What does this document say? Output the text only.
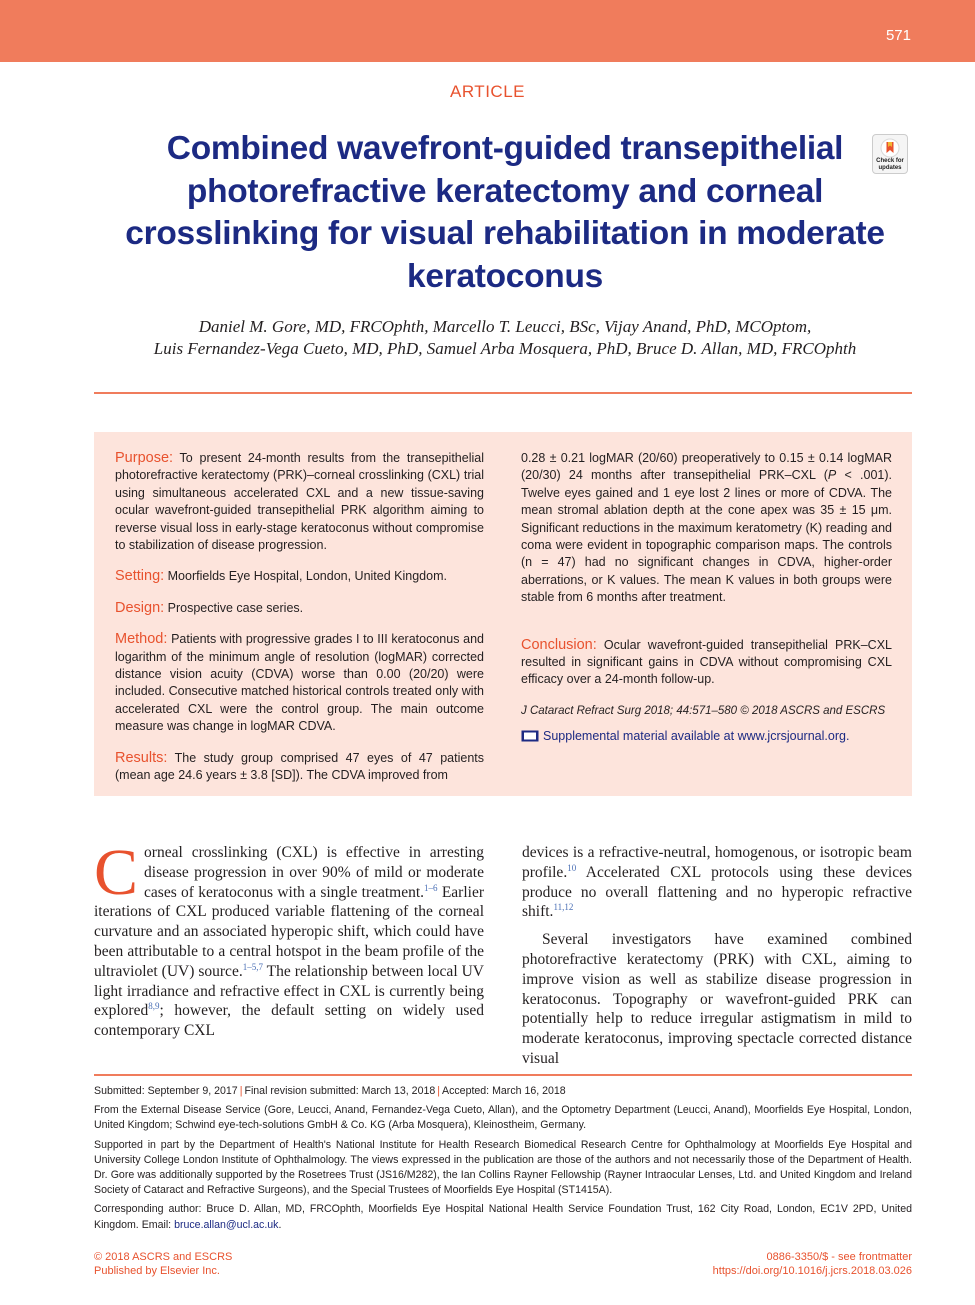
571
ARTICLE
Combined wavefront-guided transepithelial photorefractive keratectomy and corneal crosslinking for visual rehabilitation in moderate keratoconus
Check for
updates
Daniel M. Gore, MD, FRCOphth, Marcello T. Leucci, BSc, Vijay Anand, PhD, MCOptom,
Luis Fernandez-Vega Cueto, MD, PhD, Samuel Arba Mosquera, PhD, Bruce D. Allan, MD, FRCOphth

Purpose: To present 24-month results from the transepithelial photorefractive keratectomy (PRK)–corneal crosslinking (CXL) trial using simultaneous accelerated CXL and a new tissue-saving ocular wavefront-guided transepithelial PRK algorithm aiming to reverse visual loss in early-stage keratoconus without compromise to stabilization of disease progression.

Setting: Moorfields Eye Hospital, London, United Kingdom.

Design: Prospective case series.

Method: Patients with progressive grades I to III keratoconus and logarithm of the minimum angle of resolution (logMAR) corrected distance vision acuity (CDVA) worse than 0.00 (20/20) were included. Consecutive matched historical controls treated only with accelerated CXL were the control group. The main outcome measure was change in logMAR CDVA.

Results: The study group comprised 47 eyes of 47 patients (mean age 24.6 years ± 3.8 [SD]). The CDVA improved from

0.28 ± 0.21 logMAR (20/60) preoperatively to 0.15 ± 0.14 logMAR (20/30) 24 months after transepithelial PRK–CXL (P < .001). Twelve eyes gained and 1 eye lost 2 lines or more of CDVA. The mean stromal ablation depth at the cone apex was 35 ± 15 μm. Significant reductions in the maximum keratometry (K) reading and coma were evident in topographic comparison maps. The controls (n = 47) had no significant changes in CDVA, higher-order aberrations, or K values. The mean K values in both groups were stable from 6 months after treatment.

Conclusion: Ocular wavefront-guided transepithelial PRK–CXL resulted in significant gains in CDVA without compromising CXL efficacy over a 24-month follow-up.

J Cataract Refract Surg 2018; 44:571–580 © 2018 ASCRS and ESCRS

Supplemental material available at www.jcrsjournal.org.

Corneal crosslinking (CXL) is effective in arresting disease progression in over 90% of mild or moderate cases of keratoconus with a single treatment.$^{1-6}$ Earlier iterations of CXL produced variable flattening of the corneal curvature and an associated hyperopic shift, which could have been attributable to a central hotspot in the beam profile of the ultraviolet (UV) source.$^{1-5,7}$ The relationship between local UV light irradiance and refractive effect in CXL is currently being explored$^{8,9}$; however, the default setting on widely used contemporary CXL

devices is a refractive-neutral, homogenous, or isotropic beam profile.$^{10}$ Accelerated CXL protocols using these devices produce no overall flattening and no hyperopic refractive shift.$^{11,12}$

Several investigators have examined combined photorefractive keratectomy (PRK) with CXL, aiming to improve vision as well as stabilize disease progression in keratoconus. Topography or wavefront-guided PRK can potentially help to reduce irregular astigmatism in mild to moderate keratoconus, improving spectacle corrected distance visual

Submitted: September 9, 2017 | Final revision submitted: March 13, 2018 | Accepted: March 16, 2018

From the External Disease Service (Gore, Leucci, Anand, Fernandez-Vega Cueto, Allan), and the Optometry Department (Leucci, Anand), Moorfields Eye Hospital, London, United Kingdom; Schwind eye-tech-solutions GmbH & Co. KG (Arba Mosquera), Kleinostheim, Germany.

Supported in part by the Department of Health's National Institute for Health Research Biomedical Research Centre for Ophthalmology at Moorfields Eye Hospital and University College London Institute of Ophthalmology. The views expressed in the publication are those of the authors and not necessarily those of the Department of Health. Dr. Gore was additionally supported by the Rosetrees Trust (JS16/M282), the Ian Collins Rayner Fellowship (Rayner Intraocular Lenses, Ltd. and United Kingdom and Ireland Society of Cataract and Refractive Surgeons), and the Special Trustees of Moorfields Eye Hospital (ST1415A).

Corresponding author: Bruce D. Allan, MD, FRCOphth, Moorfields Eye Hospital National Health Service Foundation Trust, 162 City Road, London, EC1V 2PD, United Kingdom. Email: bruce.allan@ucl.ac.uk.

© 2018 ASCRS and ESCRS
Published by Elsevier Inc.
0886-3350/$ - see frontmatter
https://doi.org/10.1016/j.jcrs.2018.03.026
